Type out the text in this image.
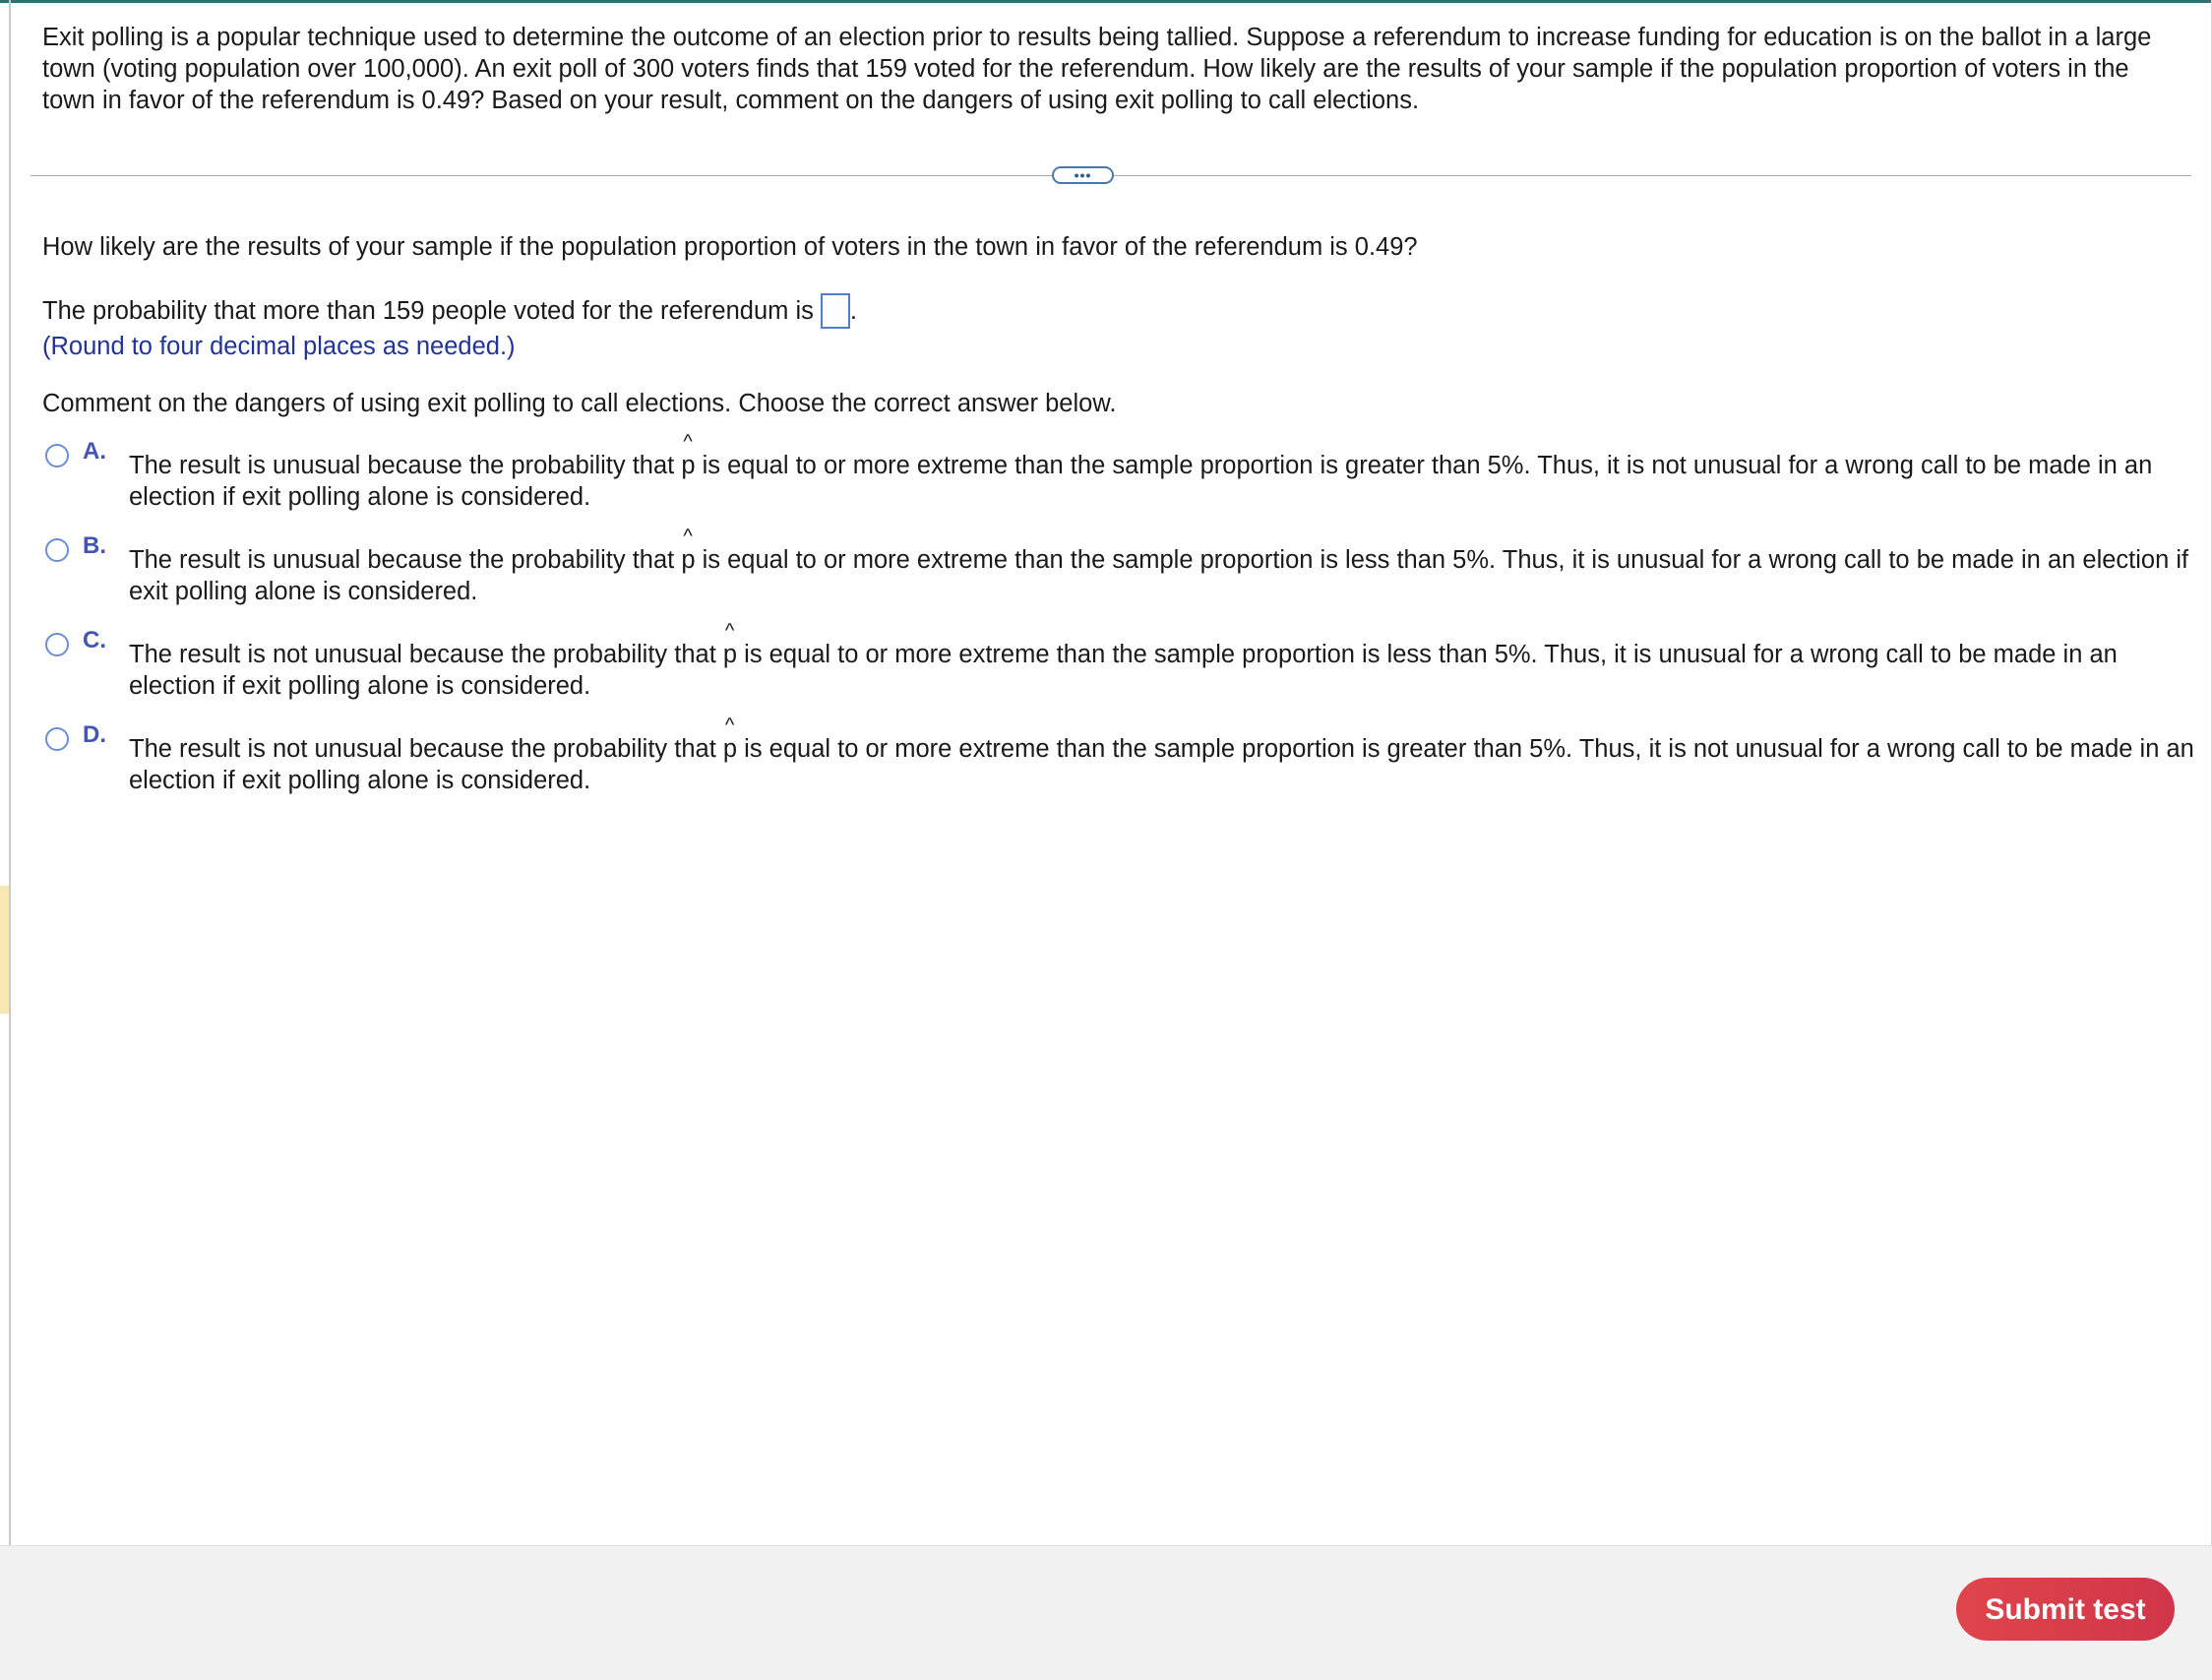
Exit polling is a popular technique used to determine the outcome of an election prior to results being tallied. Suppose a referendum to increase funding for education is on the ballot in a large town (voting population over 100,000). An exit poll of 300 voters finds that 159 voted for the referendum. How likely are the results of your sample if the population proportion of voters in the town in favor of the referendum is 0.49? Based on your result, comment on the dangers of using exit polling to call elections.
•••
How likely are the results of your sample if the population proportion of voters in the town in favor of the referendum is 0.49?
The probability that more than 159 people voted for the referendum is .
(Round to four decimal places as needed.)
Comment on the dangers of using exit polling to call elections. Choose the correct answer below.
A.
The result is unusual because the probability that ^ p is equal to or more extreme than the sample proportion is greater than 5%. Thus, it is not unusual for a wrong call to be made in an election if exit polling alone is considered.
B.
The result is unusual because the probability that ^ p is equal to or more extreme than the sample proportion is less than 5%. Thus, it is unusual for a wrong call to be made in an election if exit polling alone is considered.
C.
The result is not unusual because the probability that ^ p is equal to or more extreme than the sample proportion is less than 5%. Thus, it is unusual for a wrong call to be made in an election if exit polling alone is considered.
D.
The result is not unusual because the probability that ^ p is equal to or more extreme than the sample proportion is greater than 5%. Thus, it is not unusual for a wrong call to be made in an election if exit polling alone is considered.
Submit test
